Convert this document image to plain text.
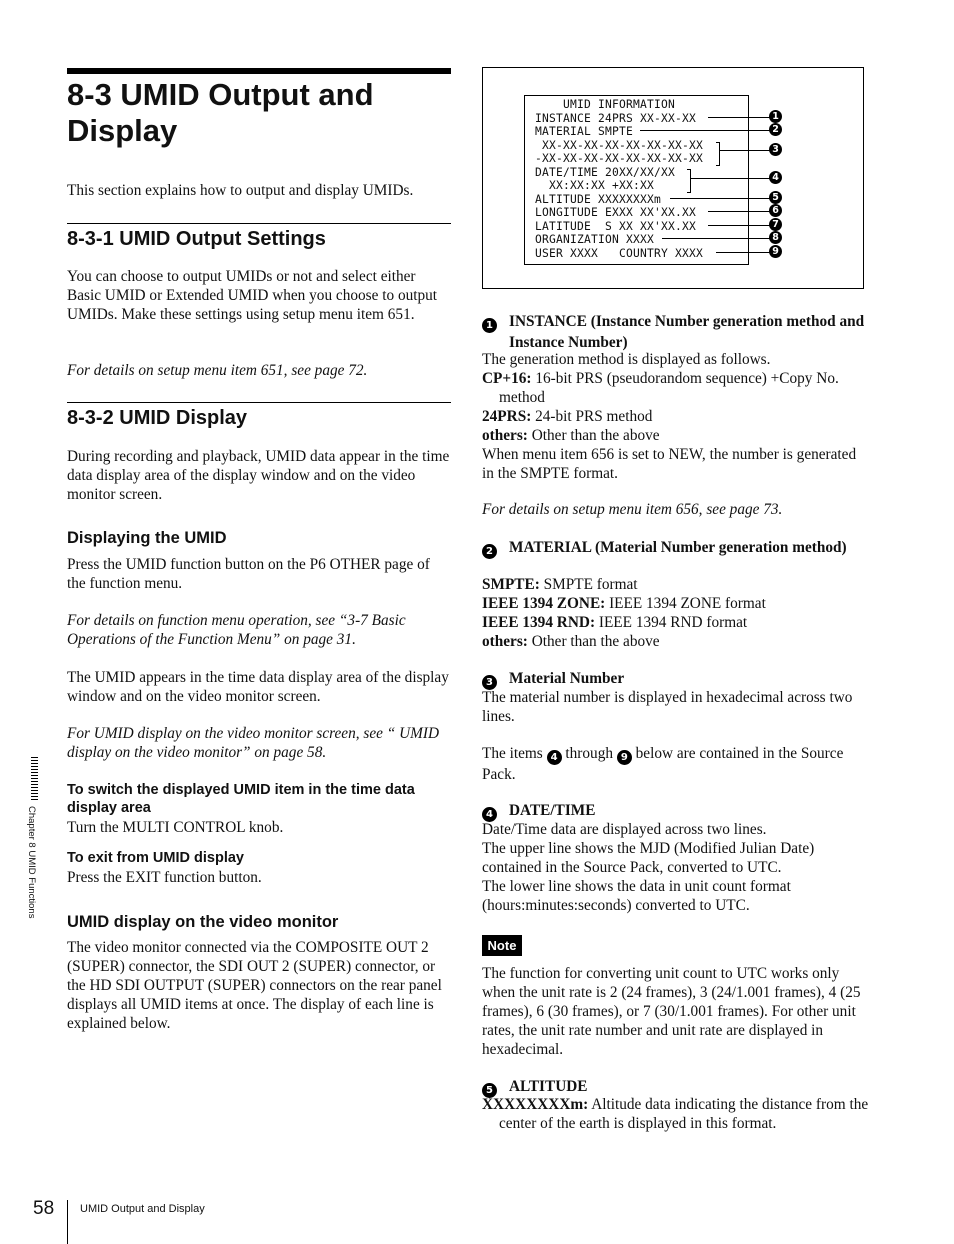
8-3 UMID Output and Display

This section explains how to output and display UMIDs.

8-3-1 UMID Output Settings

You can choose to output UMIDs or not and select either Basic UMID or Extended UMID when you choose to output UMIDs. Make these settings using setup menu item 651.

For details on setup menu item 651, see page 72.

8-3-2 UMID Display

During recording and playback, UMID data appear in the time data display area of the display window and on the video monitor screen.

Displaying the UMID

Press the UMID function button on the P6 OTHER page of the function menu.

For details on function menu operation, see “3-7 Basic Operations of the Function Menu” on page 31.

The UMID appears in the time data display area of the display window and on the video monitor screen.

For UMID display on the video monitor screen, see “ UMID display on the video monitor” on page 58.

To switch the displayed UMID item in the time data display area

Turn the MULTI CONTROL knob.

To exit from UMID display

Press the EXIT function button.

UMID display on the video monitor

The video monitor connected via the COMPOSITE OUT 2 (SUPER) connector, the SDI OUT 2 (SUPER) connector, or the HD SDI OUTPUT (SUPER) connectors on the rear panel displays all UMID items at once. The display of each line is explained below.

UMID INFORMATION
INSTANCE 24PRS XX-XX-XX
MATERIAL SMPTE
XX-XX-XX-XX-XX-XX-XX-XX
-XX-XX-XX-XX-XX-XX-XX-XX
DATE/TIME 20XX/XX/XX
XX:XX:XX +XX:XX
ALTITUDE XXXXXXXXm
LONGITUDE EXXX XX'XX.XX
LATITUDE  S XX XX'XX.XX
ORGANIZATION XXXX
USER XXXX   COUNTRY XXXX
1
2
3
4
5
6
7
8
9

1 INSTANCE (Instance Number generation method and Instance Number)

The generation method is displayed as follows.

CP+16: 16-bit PRS (pseudorandom sequence) +Copy No. method

24PRS: 24-bit PRS method

others: Other than the above

When menu item 656 is set to NEW, the number is generated in the SMPTE format.

For details on setup menu item 656, see page 73.

2 MATERIAL (Material Number generation method)

SMPTE: SMPTE format

IEEE 1394 ZONE: IEEE 1394 ZONE format

IEEE 1394 RND: IEEE 1394 RND format

others: Other than the above

3 Material Number

The material number is displayed in hexadecimal across two lines.

The items 4 through 9 below are contained in the Source Pack.

4 DATE/TIME

Date/Time data are displayed across two lines.

The upper line shows the MJD (Modified Julian Date) contained in the Source Pack, converted to UTC.

The lower line shows the data in unit count format (hours:minutes:seconds) converted to UTC.

Note

The function for converting unit count to UTC works only when the unit rate is 2 (24 frames), 3 (24/1.001 frames), 4 (25 frames), 6 (30 frames), or 7 (30/1.001 frames). For other unit rates, the unit rate number and unit rate are displayed in hexadecimal.

5 ALTITUDE

XXXXXXXXm: Altitude data indicating the distance from the center of the earth is displayed in this format.

Chapter 8 UMID Functions
58 UMID Output and Display
